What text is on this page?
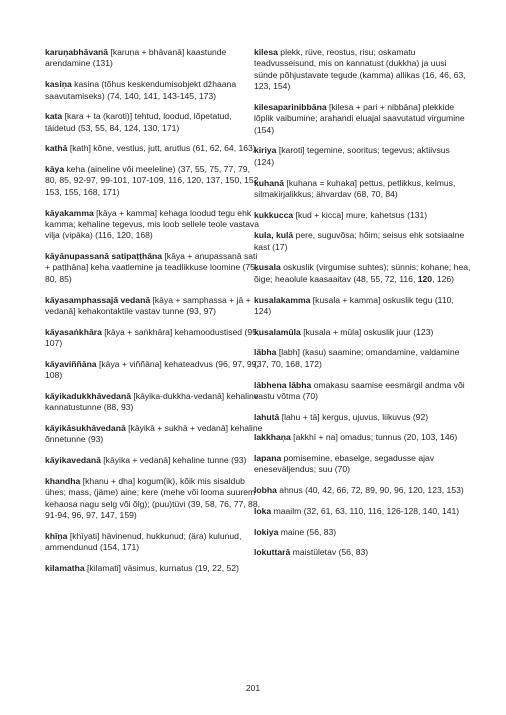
karuṇabhāvanā [karuṇa + bhāvanā] kaastunde arendamine (131)

kasiṇa kasina (tõhus keskendumisobjekt džhaana saavutamiseks) (74, 140, 141, 143-145, 173)

kata [kara + ta (karoti)] tehtud, loodud, lõpetatud, täidetud (53, 55, 84, 124, 130, 171)

kathā [kath] kõne, vestlus, jutt, arutlus (61, 62, 64, 163)

kāya keha (aineline või meeleline) (37, 55, 75, 77, 79, 80, 85, 92-97, 99-101, 107-109, 116, 120, 137, 150, 152, 153, 155, 168, 171)

kāyakamma [kāya + kamma] kehaga loodud tegu ehk kamma; kehaline tegevus, mis loob sellele teole vastava vilja (vipāka) (116, 120, 168)

kāyānupassanā satipaṭṭhāna [kāya + anupassanā sati + paṭṭhāna] keha vaatlemine ja teadlikkuse loomine (75, 80, 85)

kāyasamphassajā vedanā [kāya + samphassa + jā + vedanā] kehakontaktile vastav tunne (93, 97)

kāyasaṅkhāra [kāya + saṅkhāra] kehamoodustised (95, 107)

kāyaviññāna [kāya + viññāna] kehateadvus (96, 97, 99, 108)

kāyikadukkhāvedanā [kāyika-dukkha-vedanā] kehaline kannatustunne (88, 93)

kāyikāsukhāvedanā [kāyikā + sukhā + vedanā] kehaline õnnetunne (93)

kāyikavedanā [kāyika + vedanā] kehaline tunne (93)

khandha [khanu + dha] kogum(ik), kõik mis sisaldub ühes; mass, (jäme) aine; kere (mehe või looma suurem kehaosa nagu selg või õlg); (puu)tüvi (39, 58, 76, 77, 88, 91-94, 96, 97, 147, 159)

khīṇa [khīyati] hävinenud, hukkunud; (ära) kulunud, ammendunud (154, 171)

kilamatha [kilamati] väsimus, kurnatus (19, 22, 52)

kilesa plekk, rüve, reostus, risu; oskamatu teadvusseisund, mis on kannatust (dukkha) ja uusi sünde põhjustavate tegude (kamma) allikas (16, 46, 63, 123, 154)

kilesaparinibbāna [kilesa + pari + nibbāna] plekkide lõplik vaibumine; arahandi eluajal saavutatud virgumine (154)

kiriya [karoti] tegemine, sooritus; tegevus; aktiivsus (124)

kuhanā [kuhana = kuhaka] pettus, petlikkus, kelmus, silmakirjalikkus; ähvardav (68, 70, 84)

kukkucca [kud + kicca] mure, kahetsus (131)

kula, kulā pere, suguvõsa; hõim; seisus ehk sotsiaalne kast (17)

kusala oskuslik (virgumise suhtes); sünnis; kohane; hea, õige; heaolule kaasaaitav (48, 55, 72, 116, 120, 126)

kusalakamma [kusala + kamma] oskuslik tegu (110, 124)

kusalamūla [kusala + mūla] oskuslik juur (123)

lābha [labh] (kasu) saamine; omandamine, valdamine (37, 70, 168, 172)

lābhena lābha omakasu saamise eesmärgil andma või vastu võtma (70)

lahutā [lahu + tā] kergus, ujuvus, liikuvus (92)

lakkhaṇa [akkhī + na] omadus; tunnus (20, 103, 146)

lapana pomisemine, ebaselge, segadusse ajav eneseväljendus; suu (70)

lobha ahnus (40, 42, 66, 72, 89, 90, 96, 120, 123, 153)

loka maailm (32, 61, 63, 110, 116, 126-128, 140, 141)

lokiya maine (56, 83)

lokuttarā maistületav (56, 83)

201
